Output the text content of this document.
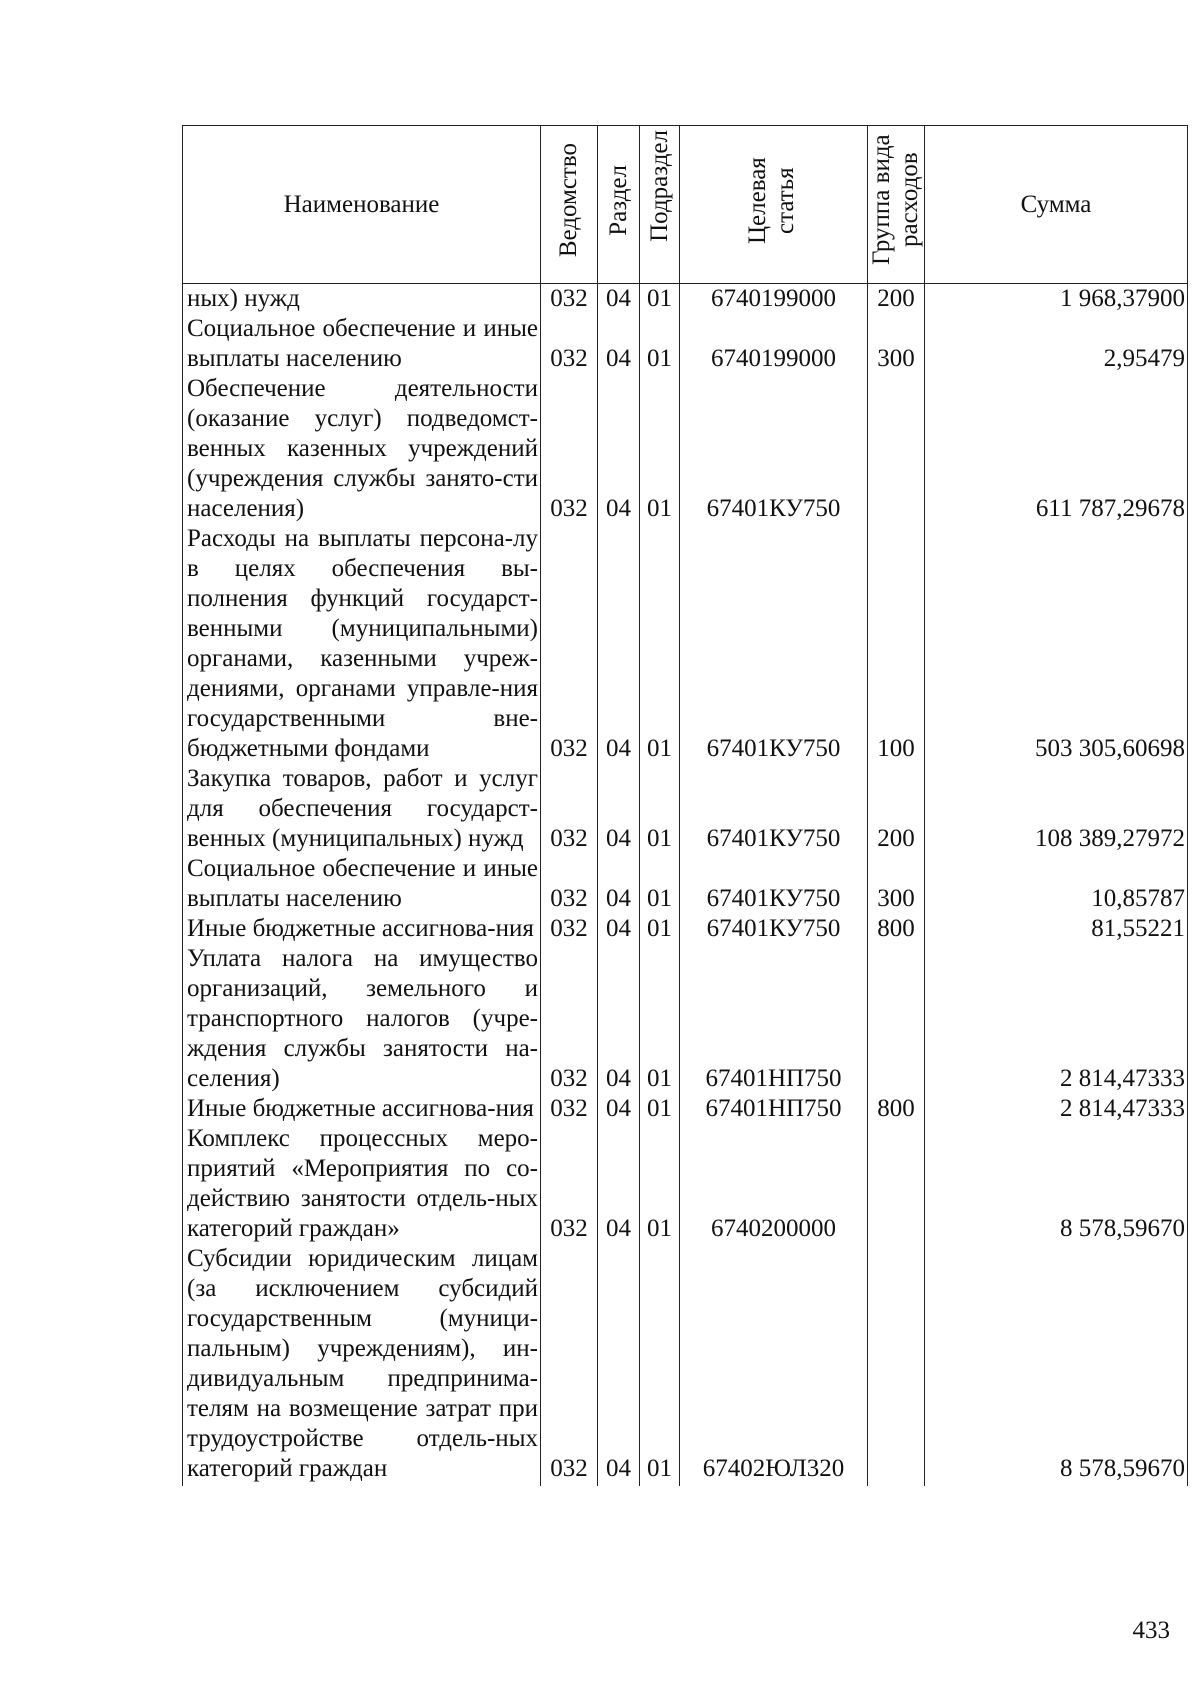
Наименование	Ведомство	Раздел	Подраздел	Целевая статья	Группа вида расходов	Сумма
ных) нужд	032	04	01	6740199000	200	1 968,37900
Социальное обеспечение и иные выплаты населению	032	04	01	6740199000	300	2,95479
Обеспечение деятельности (оказание услуг) подведомст-венных казенных учреждений (учреждения службы занято-сти населения)	032	04	01	67401КУ750		611 787,29678
Расходы на выплаты персона-лу в целях обеспечения вы-полнения функций государст-венными (муниципальными) органами, казенными учреж-дениями, органами управле-ния государственными вне-бюджетными фондами	032	04	01	67401КУ750	100	503 305,60698
Закупка товаров, работ и услуг для обеспечения государст-венных (муниципальных) нужд	032	04	01	67401КУ750	200	108 389,27972
Социальное обеспечение и иные выплаты населению	032	04	01	67401КУ750	300	10,85787
Иные бюджетные ассигнова-ния	032	04	01	67401КУ750	800	81,55221
Уплата налога на имущество организаций, земельного и транспортного налогов (учре-ждения службы занятости на-селения)	032	04	01	67401НП750		2 814,47333
Иные бюджетные ассигнова-ния	032	04	01	67401НП750	800	2 814,47333
Комплекс процессных меро-приятий «Мероприятия по со-действию занятости отдель-ных категорий граждан»	032	04	01	6740200000		8 578,59670
Субсидии юридическим лицам (за исключением субсидий государственным (муници-пальным) учреждениям), ин-дивидуальным предпринима-телям на возмещение затрат при трудоустройстве отдель-ных категорий граждан	032	04	01	67402ЮЛ320		8 578,59670
433
